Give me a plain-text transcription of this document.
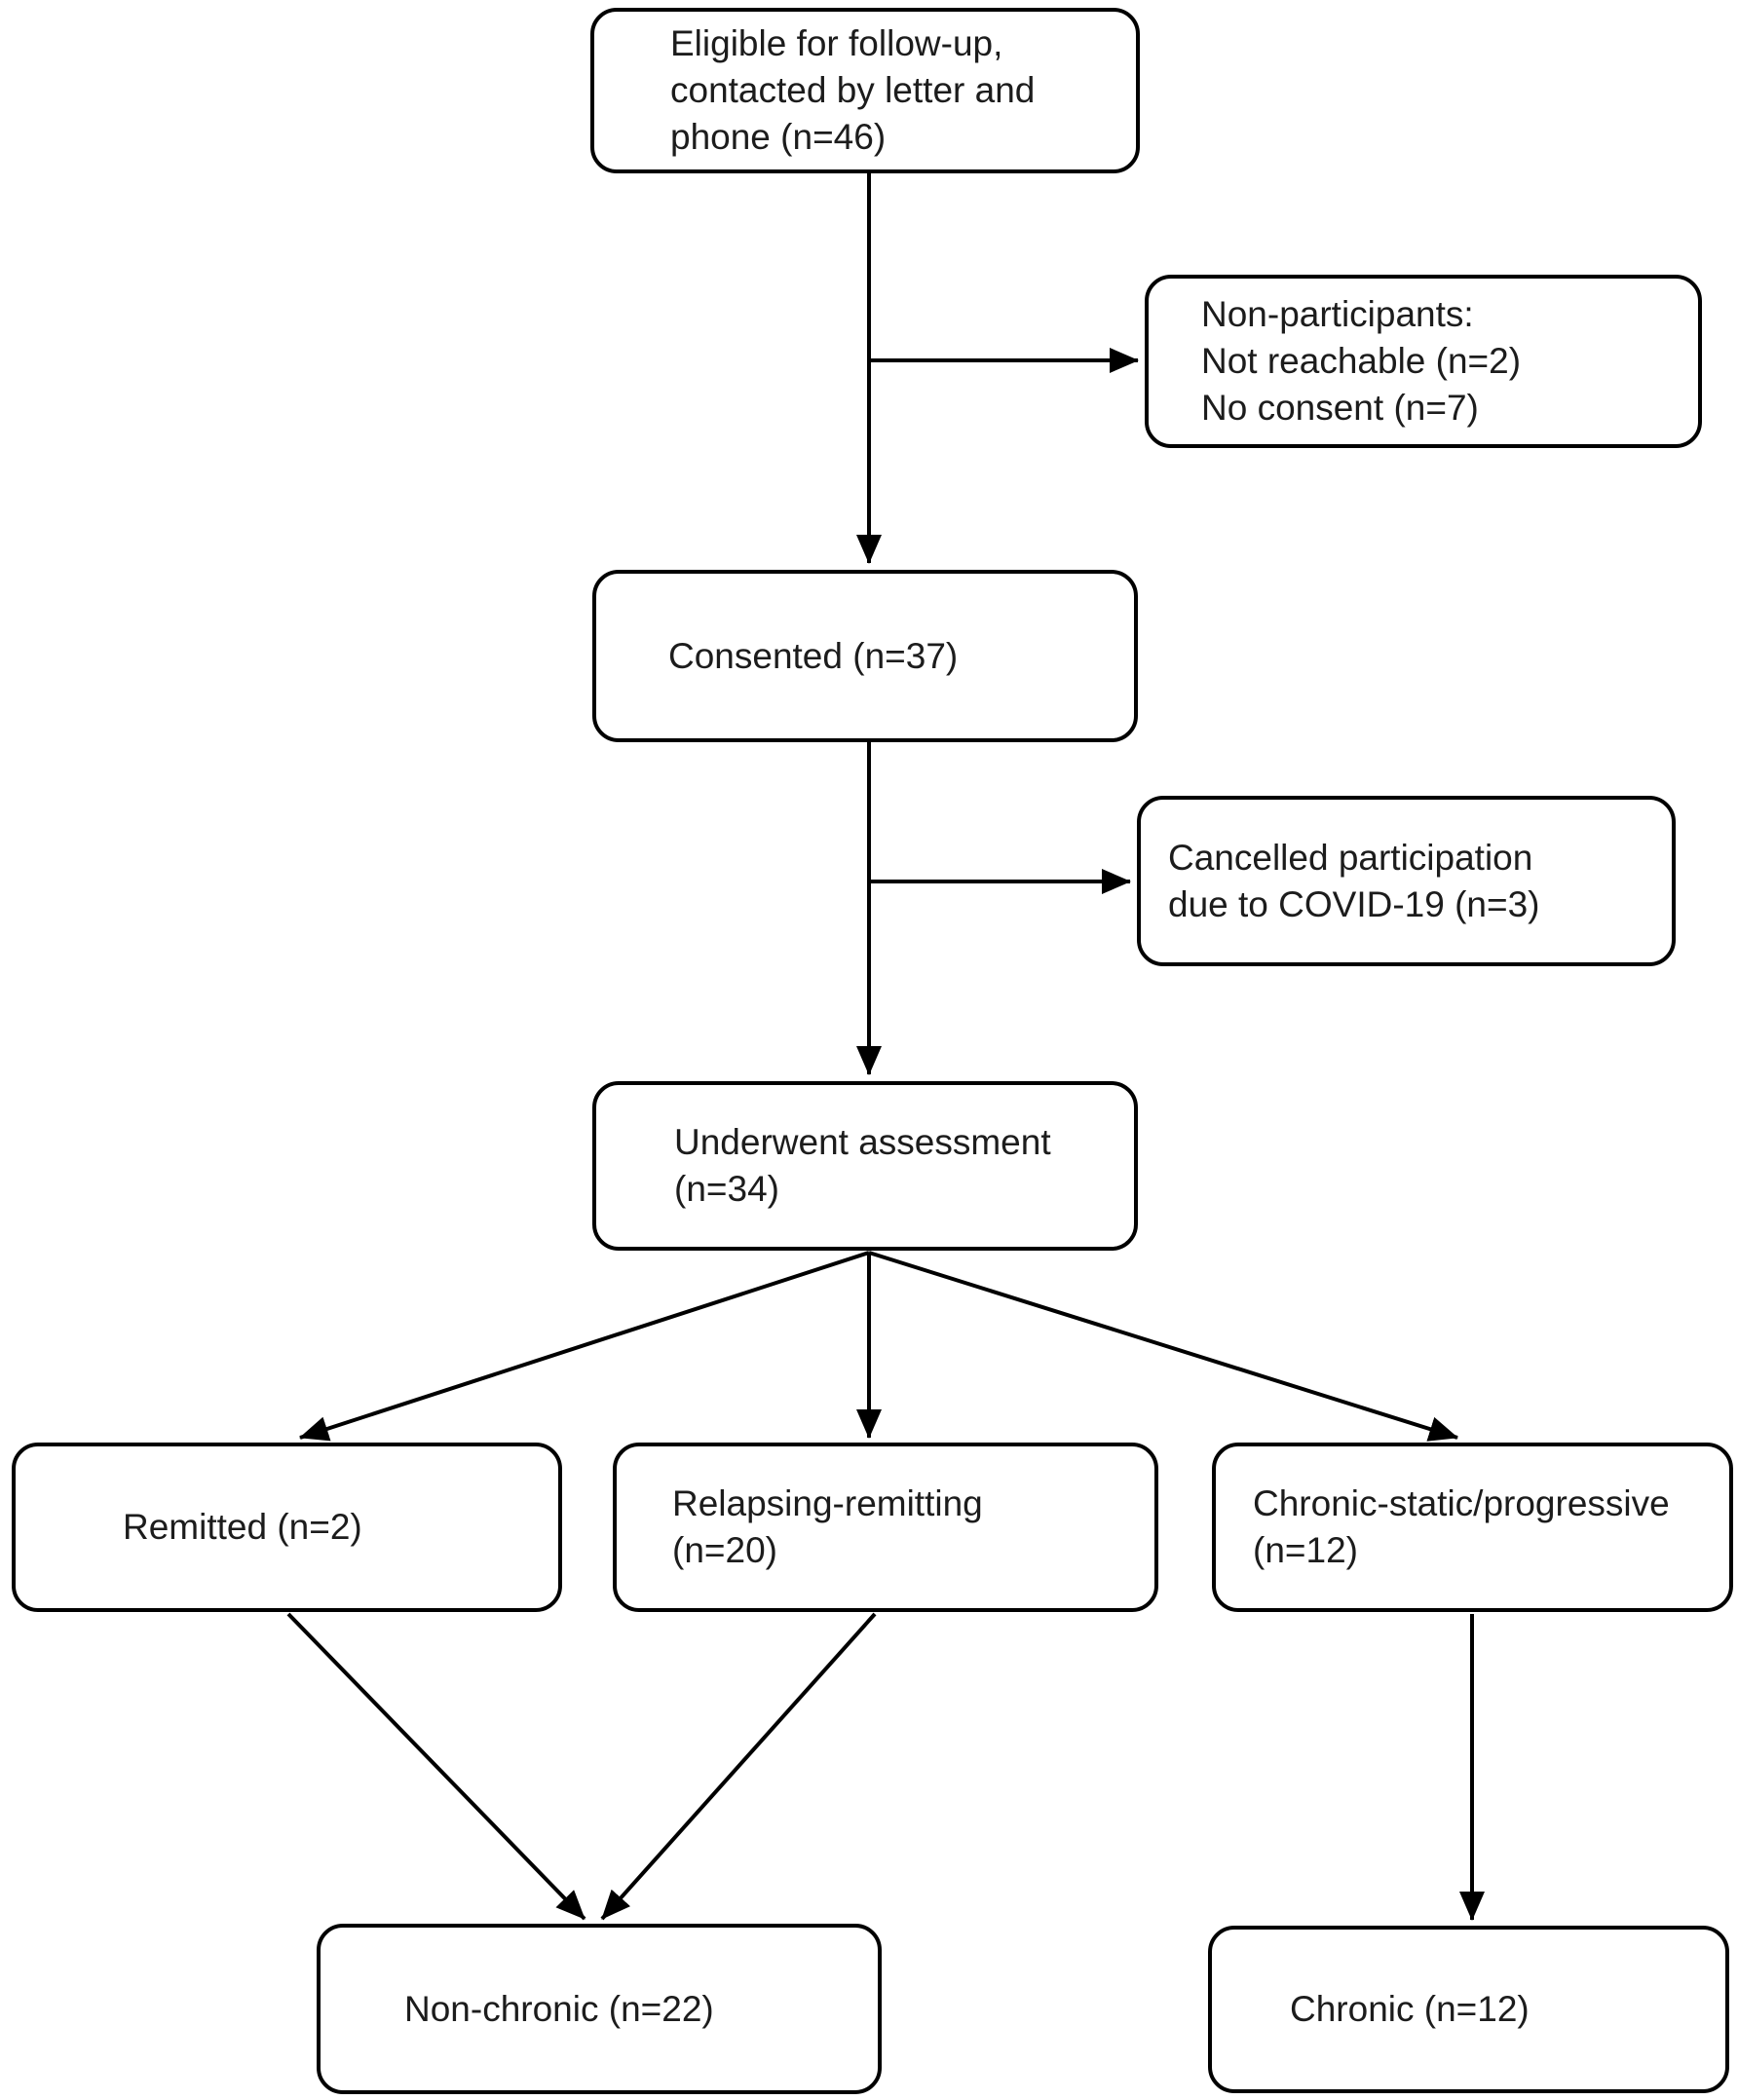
Eligible for follow-up,
contacted by letter and
phone (n=46)
Non-participants:
Not reachable (n=2)
No consent (n=7)
Consented (n=37)
Cancelled participation
due to COVID-19 (n=3)
Underwent assessment
(n=34)
Remitted (n=2)
Relapsing-remitting
(n=20)
Chronic-static/progressive
(n=12)
Non-chronic (n=22)	Chronic (n=12)
